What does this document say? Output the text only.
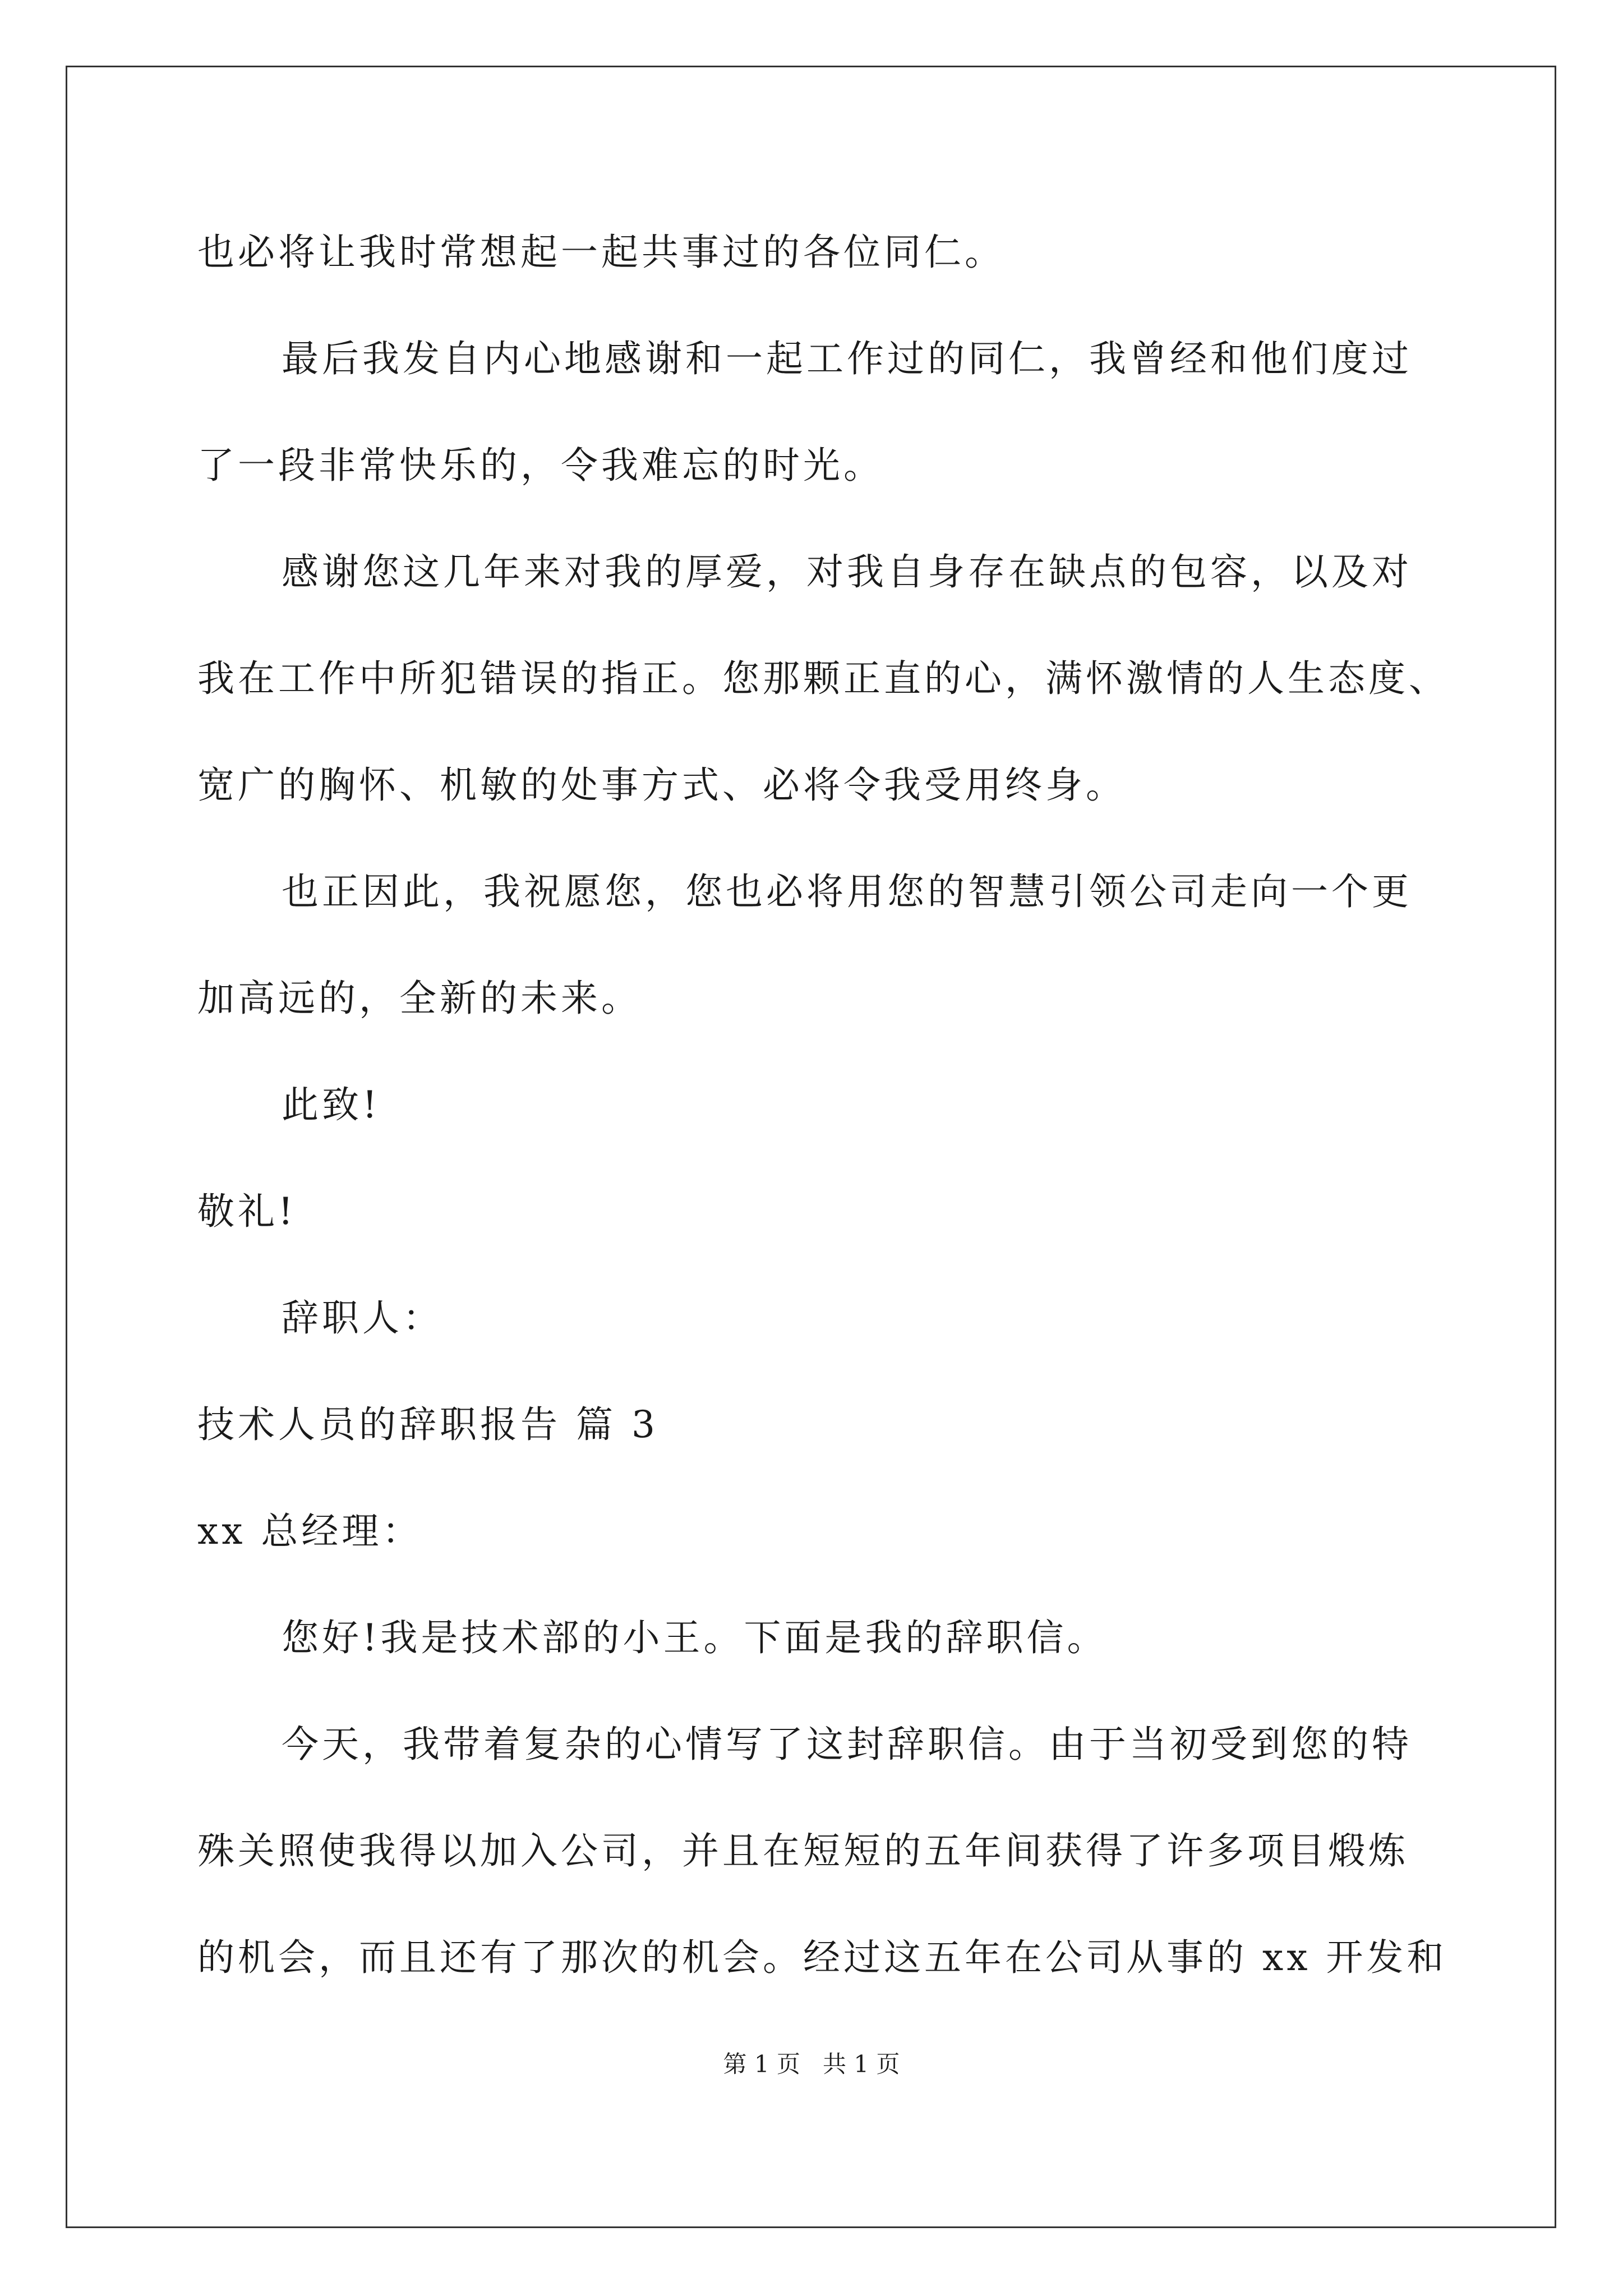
也必将让我时常想起一起共事过的各位同仁。
最后我发自内心地感谢和一起工作过的同仁，我曾经和他们度过
了一段非常快乐的，令我难忘的时光。
感谢您这几年来对我的厚爱，对我自身存在缺点的包容，以及对
我在工作中所犯错误的指正。您那颗正直的心，满怀激情的人生态度、
宽广的胸怀、机敏的处事方式、必将令我受用终身。
也正因此，我祝愿您，您也必将用您的智慧引领公司走向一个更
加高远的，全新的未来。
此致!
敬礼!
辞职人：
技术人员的辞职报告 篇 3
xx 总经理：
您好!我是技术部的小王。下面是我的辞职信。
今天，我带着复杂的心情写了这封辞职信。由于当初受到您的特
殊关照使我得以加入公司，并且在短短的五年间获得了许多项目煅炼
的机会，而且还有了那次的机会。经过这五年在公司从事的 xx 开发和
第 1 页   共 1 页
